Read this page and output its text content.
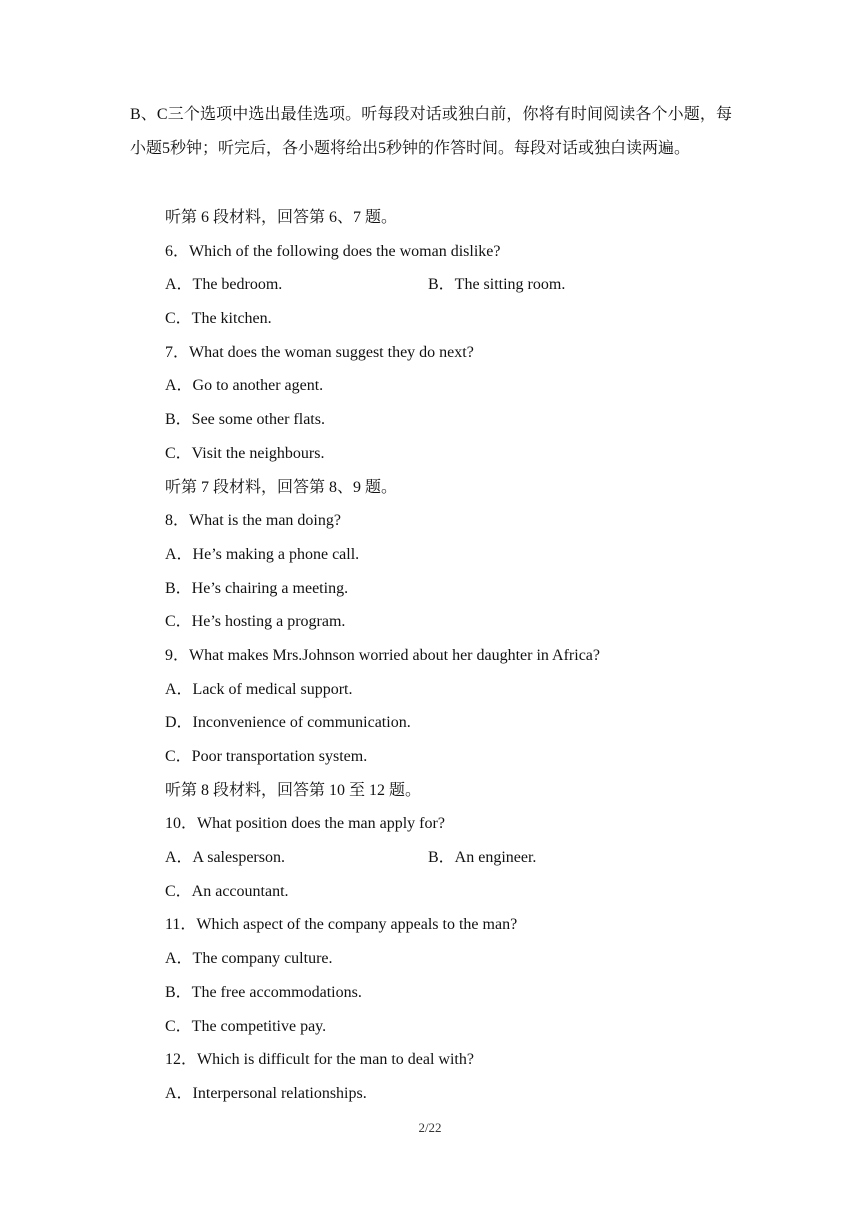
B、C三个选项中选出最佳选项。听每段对话或独白前，你将有时间阅读各个小题，每小题5秒钟；听完后，各小题将给出5秒钟的作答时间。每段对话或独白读两遍。

听第 6 段材料，回答第 6、7 题。
6．Which of the following does the woman dislike?
A．The bedroom.	B．The sitting room.
C．The kitchen.
7．What does the woman suggest they do next?
A．Go to another agent.
B．See some other flats.
C．Visit the neighbours.
听第 7 段材料，回答第 8、9 题。
8．What is the man doing?
A．He’s making a phone call.
B．He’s chairing a meeting.
C．He’s hosting a program.
9．What makes Mrs.Johnson worried about her daughter in Africa?
A．Lack of medical support.
D．Inconvenience of communication.
C．Poor transportation system.
听第 8 段材料，回答第 10 至 12 题。
10．What position does the man apply for?
A．A salesperson.	B．An engineer.
C．An accountant.
11．Which aspect of the company appeals to the man?
A．The company culture.
B．The free accommodations.
C．The competitive pay.
12．Which is difficult for the man to deal with?
A．Interpersonal relationships.
2/22
